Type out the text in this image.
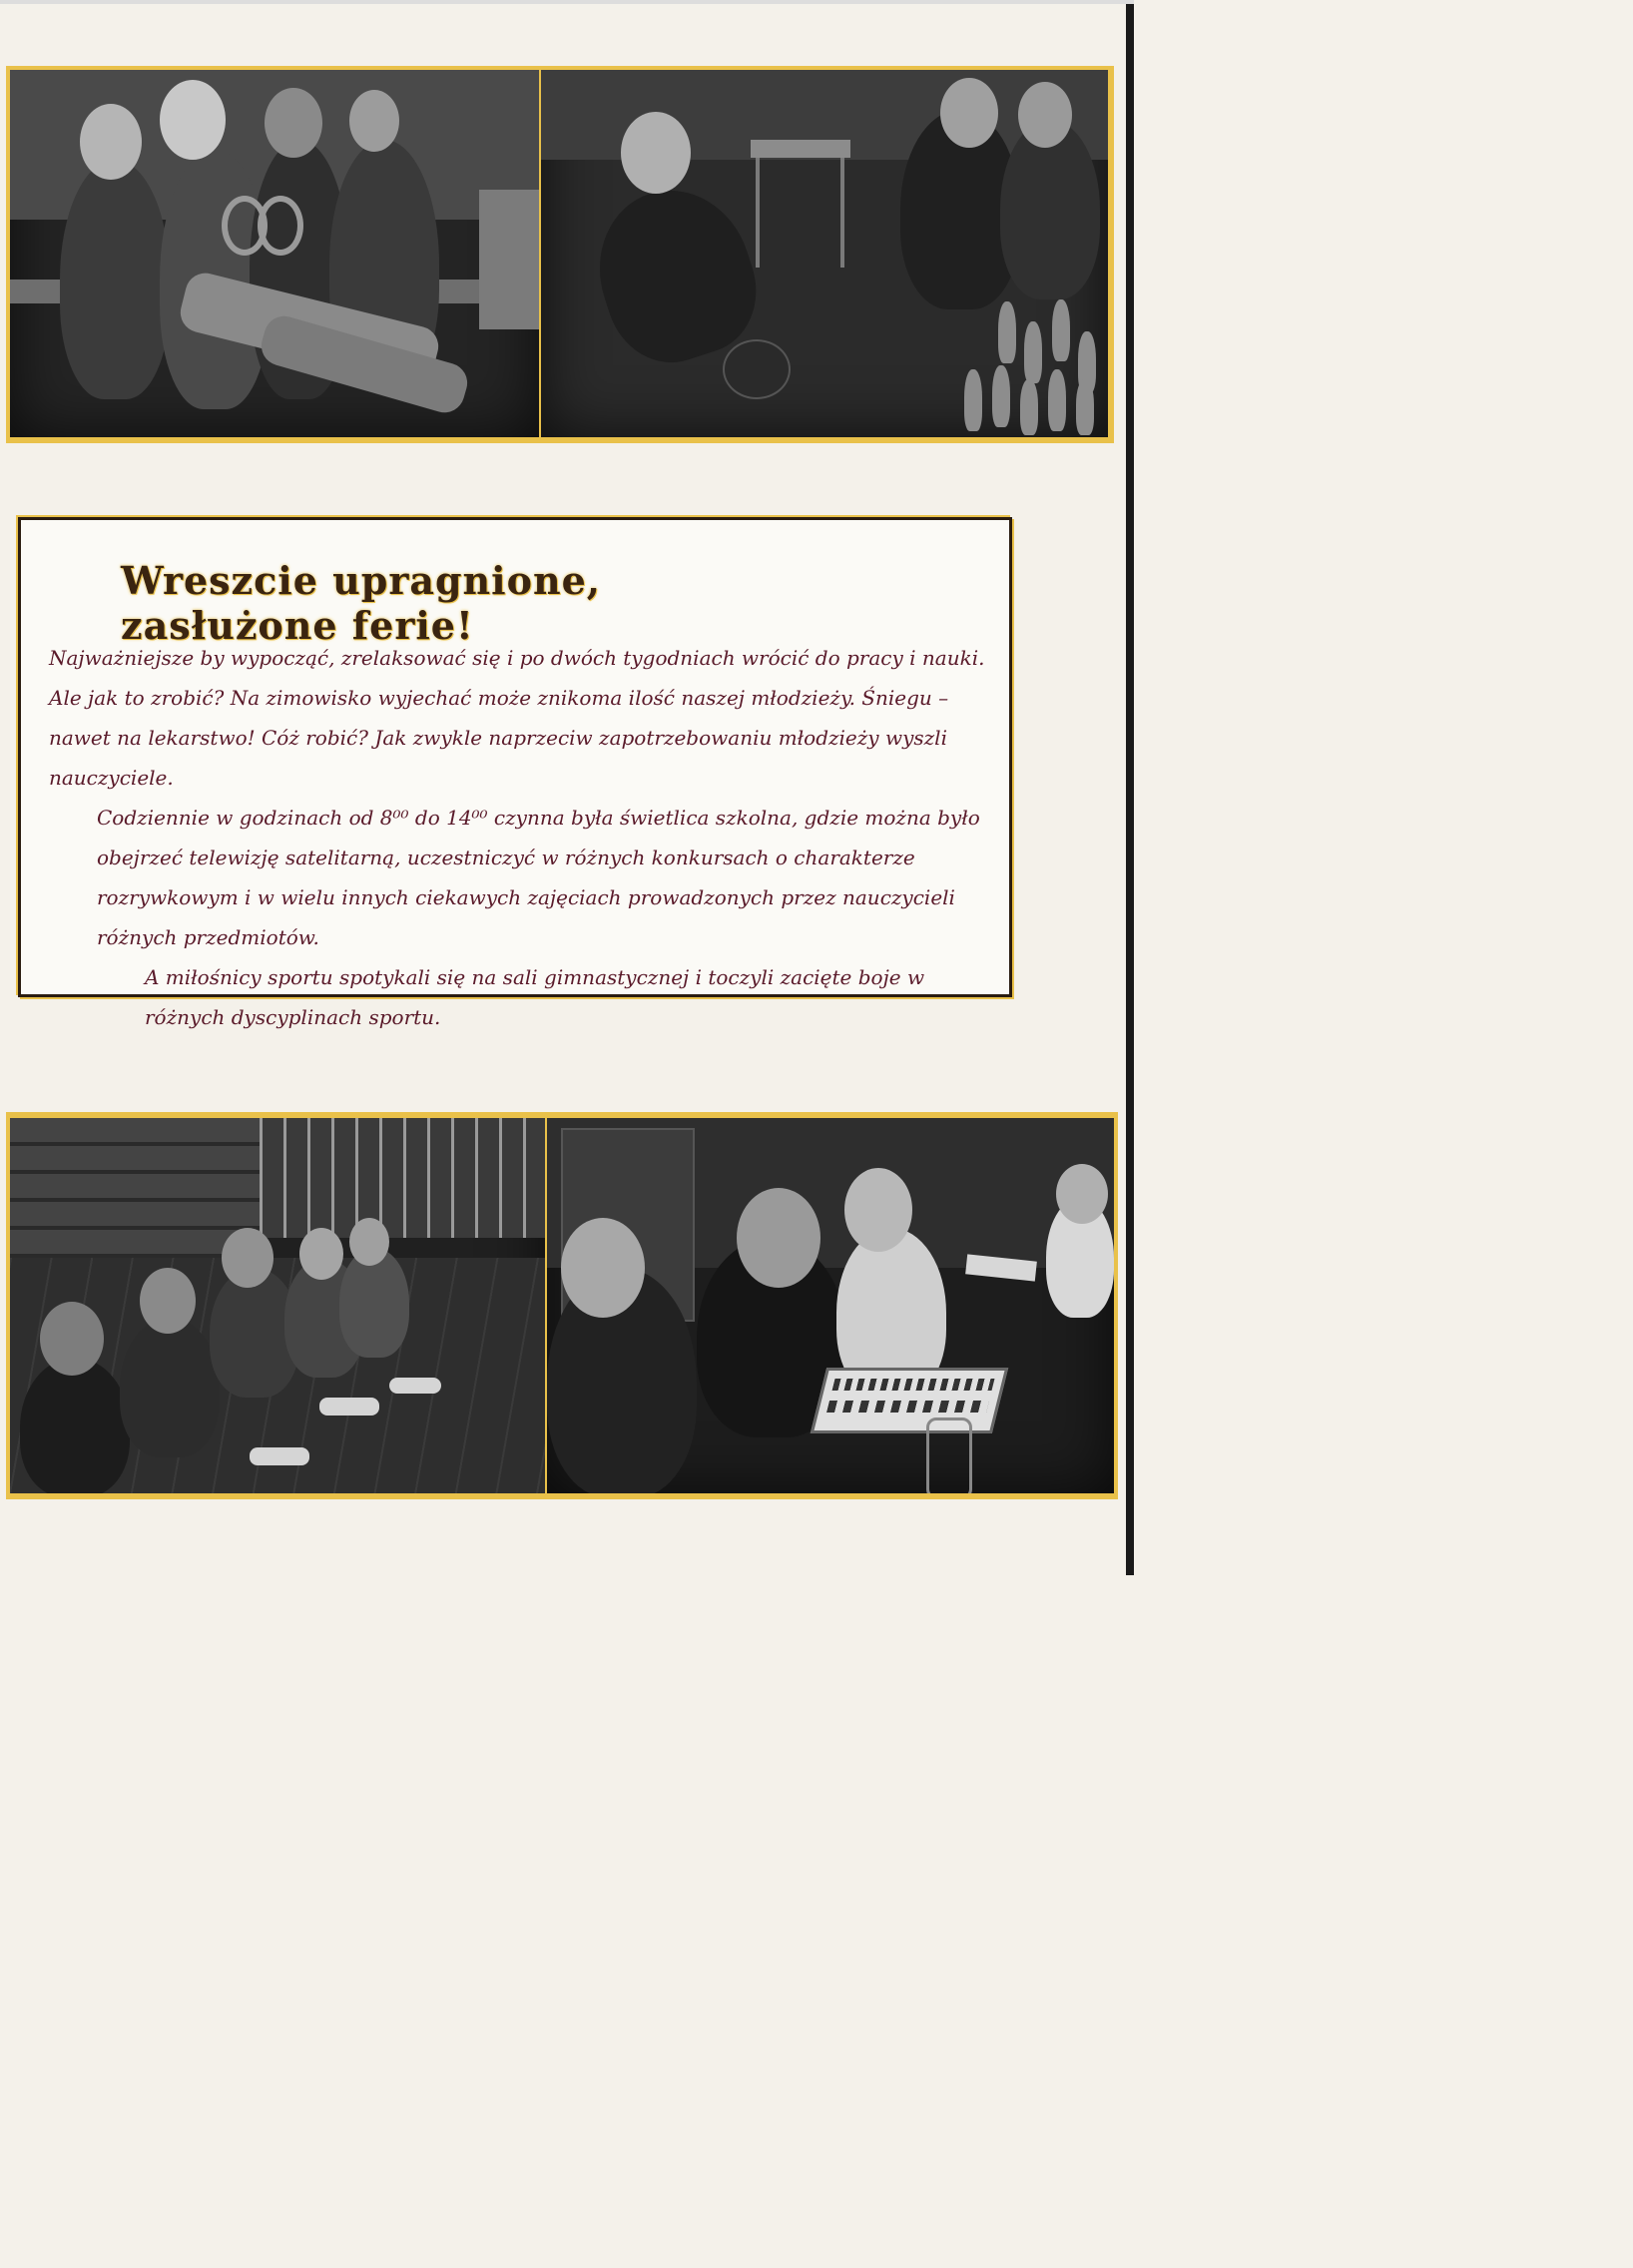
Wreszcie upragnione, zasłużone ferie!

Najważniejsze by wypocząć, zrelaksować się i po dwóch tygodniach wrócić do pracy i nauki. Ale jak to zrobić? Na zimowisko wyjechać może znikoma ilość naszej młodzieży. Śniegu – nawet na lekarstwo! Cóż robić? Jak zwykle naprzeciw zapotrzebowaniu młodzieży wyszli nauczyciele.

Codziennie w godzinach od 8⁰⁰ do 14⁰⁰ czynna była świetlica szkolna, gdzie można było obejrzeć telewizję satelitarną, uczestniczyć w różnych konkursach o charakterze rozrywkowym i w wielu innych ciekawych zajęciach prowadzonych przez nauczycieli różnych przedmiotów.

A miłośnicy sportu spotykali się na sali gimnastycznej i toczyli zacięte boje w różnych dyscyplinach sportu.
